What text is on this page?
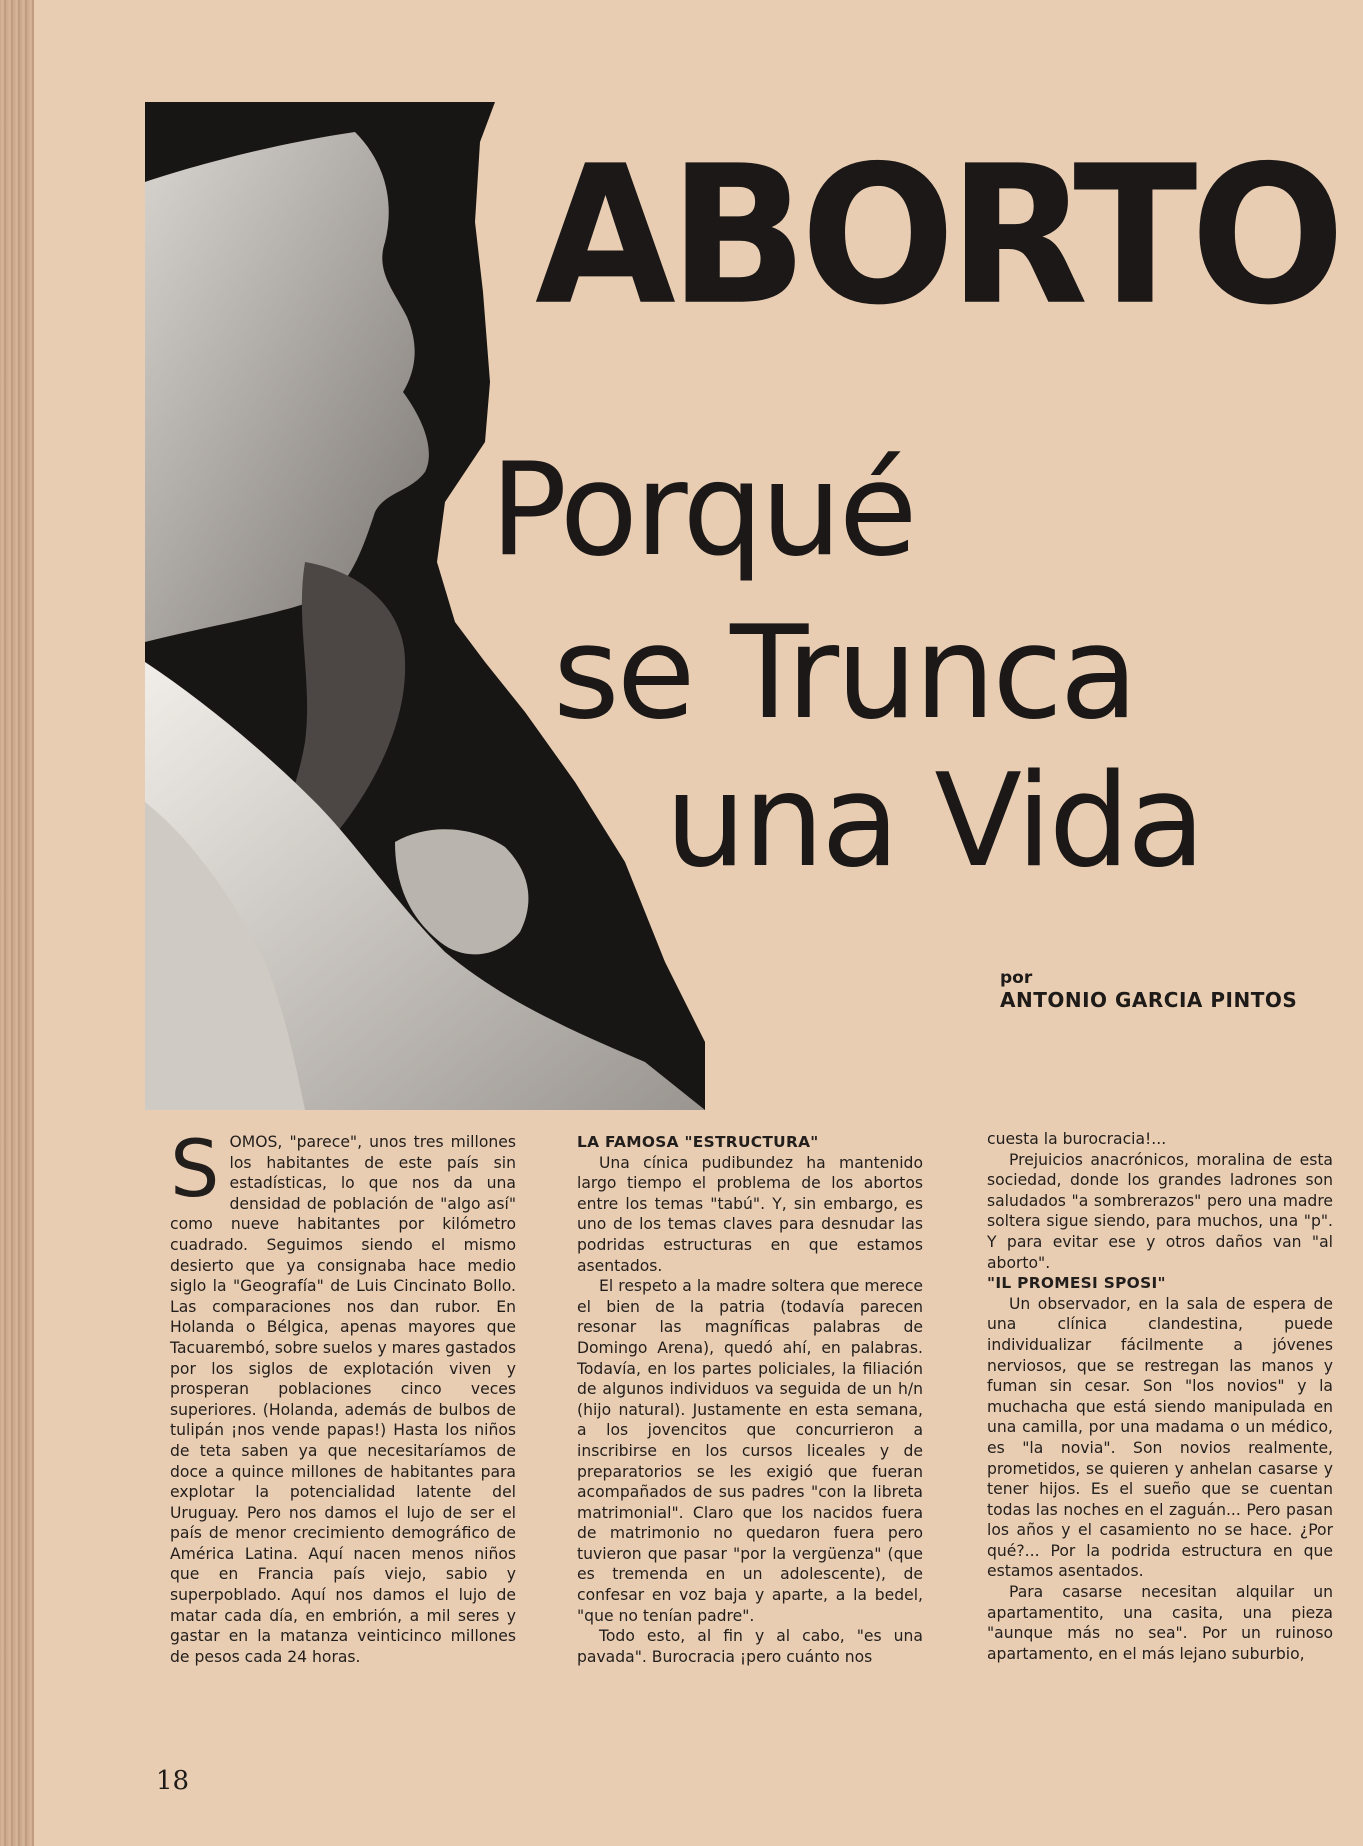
ABORTO
Porqué
se Trunca
una Vida
por
ANTONIO GARCIA PINTOS
S OMOS, "parece", unos tres millones los habitantes de este país sin estadísticas, lo que nos da una densidad de población de "algo así" como nueve habitantes por kilómetro cuadrado. Seguimos siendo el mismo desierto que ya consignaba hace medio siglo la "Geografía" de Luis Cincinato Bollo. Las comparaciones nos dan rubor. En Holanda o Bélgica, apenas mayores que Tacuarembó, sobre suelos y mares gastados por los siglos de explotación viven y prosperan poblaciones cinco veces superiores. (Holanda, además de bulbos de tulipán ¡nos vende papas!) Hasta los niños de teta saben ya que necesitaríamos de doce a quince millones de habitantes para explotar la potencialidad latente del Uruguay. Pero nos damos el lujo de ser el país de menor crecimiento demográfico de América Latina. Aquí nacen menos niños que en Francia país viejo, sabio y superpoblado. Aquí nos damos el lujo de matar cada día, en embrión, a mil seres y gastar en la matanza veinticinco millones de pesos cada 24 horas.

LA FAMOSA "ESTRUCTURA"

Una cínica pudibundez ha mantenido largo tiempo el problema de los abortos entre los temas "tabú". Y, sin embargo, es uno de los temas claves para desnudar las podridas estructuras en que estamos asentados.

El respeto a la madre soltera que merece el bien de la patria (todavía parecen resonar las magníficas palabras de Domingo Arena), quedó ahí, en palabras. Todavía, en los partes policiales, la filiación de algunos individuos va seguida de un h/n (hijo natural). Justamente en esta semana, a los jovencitos que concurrieron a inscribirse en los cursos liceales y de preparatorios se les exigió que fueran acompañados de sus padres "con la libreta matrimonial". Claro que los nacidos fuera de matrimonio no quedaron fuera pero tuvieron que pasar "por la vergüenza" (que es tremenda en un adolescente), de confesar en voz baja y aparte, a la bedel, "que no tenían padre".

Todo esto, al fin y al cabo, "es una pavada". Burocracia ¡pero cuánto nos

cuesta la burocracia!...

Prejuicios anacrónicos, moralina de esta sociedad, donde los grandes ladrones son saludados "a sombrerazos" pero una madre soltera sigue siendo, para muchos, una "p". Y para evitar ese y otros daños van "al aborto".

"IL PROMESI SPOSI"

Un observador, en la sala de espera de una clínica clandestina, puede individualizar fácilmente a jóvenes nerviosos, que se restregan las manos y fuman sin cesar. Son "los novios" y la muchacha que está siendo manipulada en una camilla, por una madama o un médico, es "la novia". Son novios realmente, prometidos, se quieren y anhelan casarse y tener hijos. Es el sueño que se cuentan todas las noches en el zaguán... Pero pasan los años y el casamiento no se hace. ¿Por qué?... Por la podrida estructura en que estamos asentados.

Para casarse necesitan alquilar un apartamentito, una casita, una pieza "aunque más no sea". Por un ruinoso apartamento, en el más lejano suburbio,

18
